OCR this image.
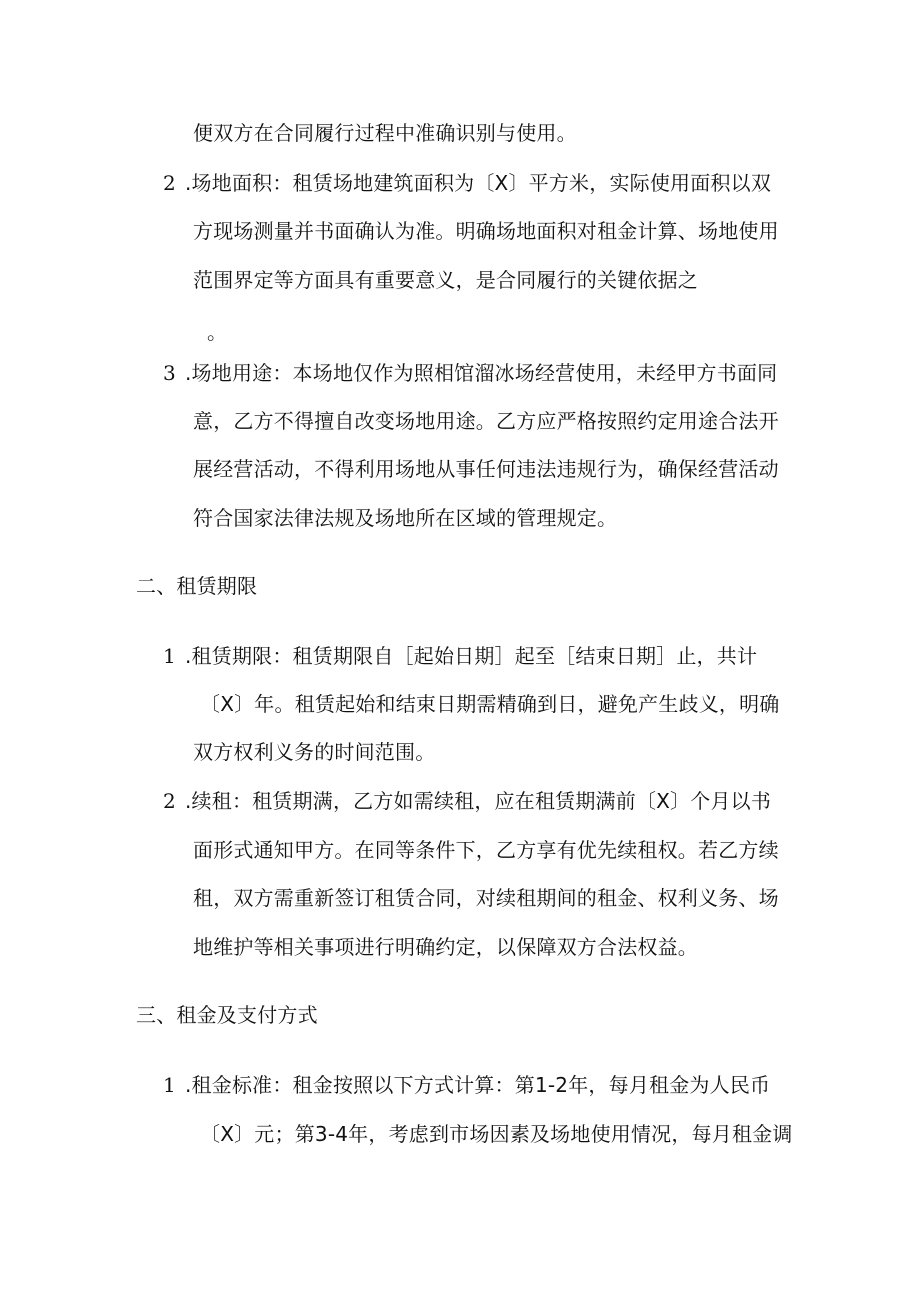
便双方在合同履行过程中准确识别与使用。
2 .场地面积：租赁场地建筑面积为〔X〕平方米，实际使用面积以双
方现场测量并书面确认为准。明确场地面积对租金计算、场地使用
范围界定等方面具有重要意义，是合同履行的关键依据之
。
3 .场地用途：本场地仅作为照相馆溜冰场经营使用，未经甲方书面同
意，乙方不得擅自改变场地用途。乙方应严格按照约定用途合法开
展经营活动，不得利用场地从事任何违法违规行为，确保经营活动
符合国家法律法规及场地所在区域的管理规定。
二、租赁期限
1 .租赁期限：租赁期限自［起始日期］起至［结束日期］止，共计
〔X〕年。租赁起始和结束日期需精确到日，避免产生歧义，明确
双方权利义务的时间范围。
2 .续租：租赁期满，乙方如需续租，应在租赁期满前〔X〕个月以书
面形式通知甲方。在同等条件下，乙方享有优先续租权。若乙方续
租，双方需重新签订租赁合同，对续租期间的租金、权利义务、场
地维护等相关事项进行明确约定，以保障双方合法权益。
三、租金及支付方式
1 .租金标准：租金按照以下方式计算：第1-2年，每月租金为人民币
〔X〕元；第3-4年，考虑到市场因素及场地使用情况，每月租金调
